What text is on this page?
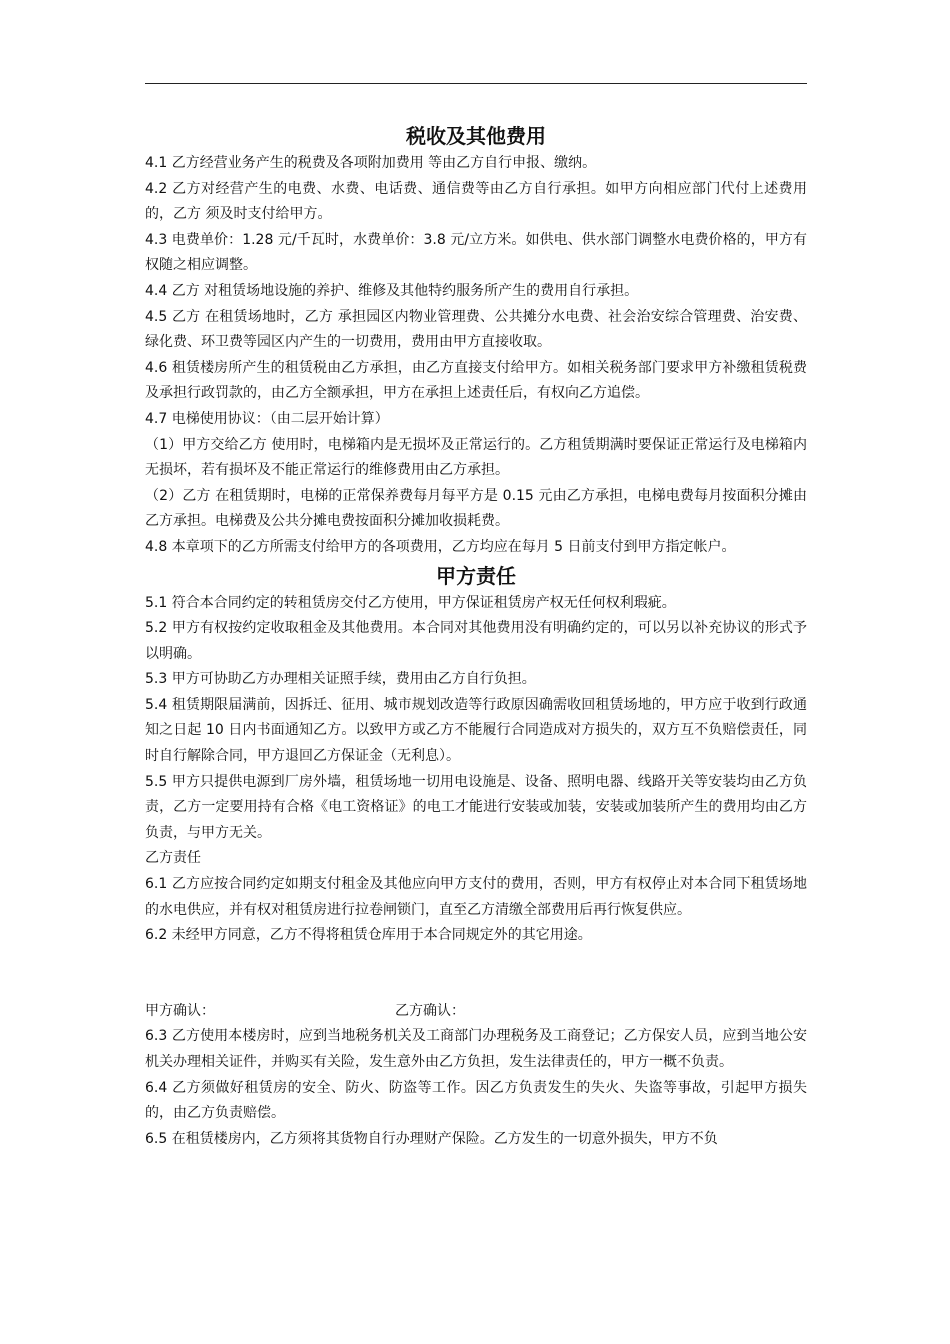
税收及其他费用

4.1 乙方经营业务产生的税费及各项附加费用 等由乙方自行申报、缴纳。

4.2 乙方对经营产生的电费、水费、电话费、通信费等由乙方自行承担。如甲方向相应部门代付上述费用的，乙方 须及时支付给甲方。

4.3 电费单价：1.28 元/千瓦时，水费单价：3.8 元/立方米。如供电、供水部门调整水电费价格的，甲方有权随之相应调整。

4.4 乙方 对租赁场地设施的养护、维修及其他特约服务所产生的费用自行承担。

4.5 乙方 在租赁场地时，乙方 承担园区内物业管理费、公共摊分水电费、社会治安综合管理费、治安费、绿化费、环卫费等园区内产生的一切费用，费用由甲方直接收取。

4.6 租赁楼房所产生的租赁税由乙方承担，由乙方直接支付给甲方。如相关税务部门要求甲方补缴租赁税费及承担行政罚款的，由乙方全额承担，甲方在承担上述责任后，有权向乙方追偿。

4.7 电梯使用协议：（由二层开始计算）

（1）甲方交给乙方 使用时，电梯箱内是无损坏及正常运行的。乙方租赁期满时要保证正常运行及电梯箱内无损坏，若有损坏及不能正常运行的维修费用由乙方承担。

（2）乙方 在租赁期时，电梯的正常保养费每月每平方是 0.15 元由乙方承担，电梯电费每月按面积分摊由乙方承担。电梯费及公共分摊电费按面积分摊加收损耗费。

4.8 本章项下的乙方所需支付给甲方的各项费用，乙方均应在每月 5 日前支付到甲方指定帐户。

甲方责任

5.1 符合本合同约定的转租赁房交付乙方使用，甲方保证租赁房产权无任何权利瑕疵。

5.2 甲方有权按约定收取租金及其他费用。本合同对其他费用没有明确约定的，可以另以补充协议的形式予以明确。

5.3 甲方可协助乙方办理相关证照手续，费用由乙方自行负担。

5.4 租赁期限届满前，因拆迁、征用、城市规划改造等行政原因确需收回租赁场地的，甲方应于收到行政通知之日起 10 日内书面通知乙方。以致甲方或乙方不能履行合同造成对方损失的，双方互不负赔偿责任，同时自行解除合同，甲方退回乙方保证金（无利息）。

5.5 甲方只提供电源到厂房外墙，租赁场地一切用电设施是、设备、照明电器、线路开关等安装均由乙方负责，乙方一定要用持有合格《电工资格证》的电工才能进行安装或加装，安装或加装所产生的费用均由乙方负责，与甲方无关。

乙方责任

6.1 乙方应按合同约定如期支付租金及其他应向甲方支付的费用，否则，甲方有权停止对本合同下租赁场地的水电供应，并有权对租赁房进行拉卷闸锁门，直至乙方清缴全部费用后再行恢复供应。

6.2 未经甲方同意，乙方不得将租赁仓库用于本合同规定外的其它用途。

甲方确认：	乙方确认：

6.3 乙方使用本楼房时，应到当地税务机关及工商部门办理税务及工商登记；乙方保安人员，应到当地公安机关办理相关证件，并购买有关险，发生意外由乙方负担，发生法律责任的，甲方一概不负责。

6.4 乙方须做好租赁房的安全、防火、防盗等工作。因乙方负责发生的失火、失盗等事故，引起甲方损失的，由乙方负责赔偿。

6.5 在租赁楼房内，乙方须将其货物自行办理财产保险。乙方发生的一切意外损失，甲方不负
